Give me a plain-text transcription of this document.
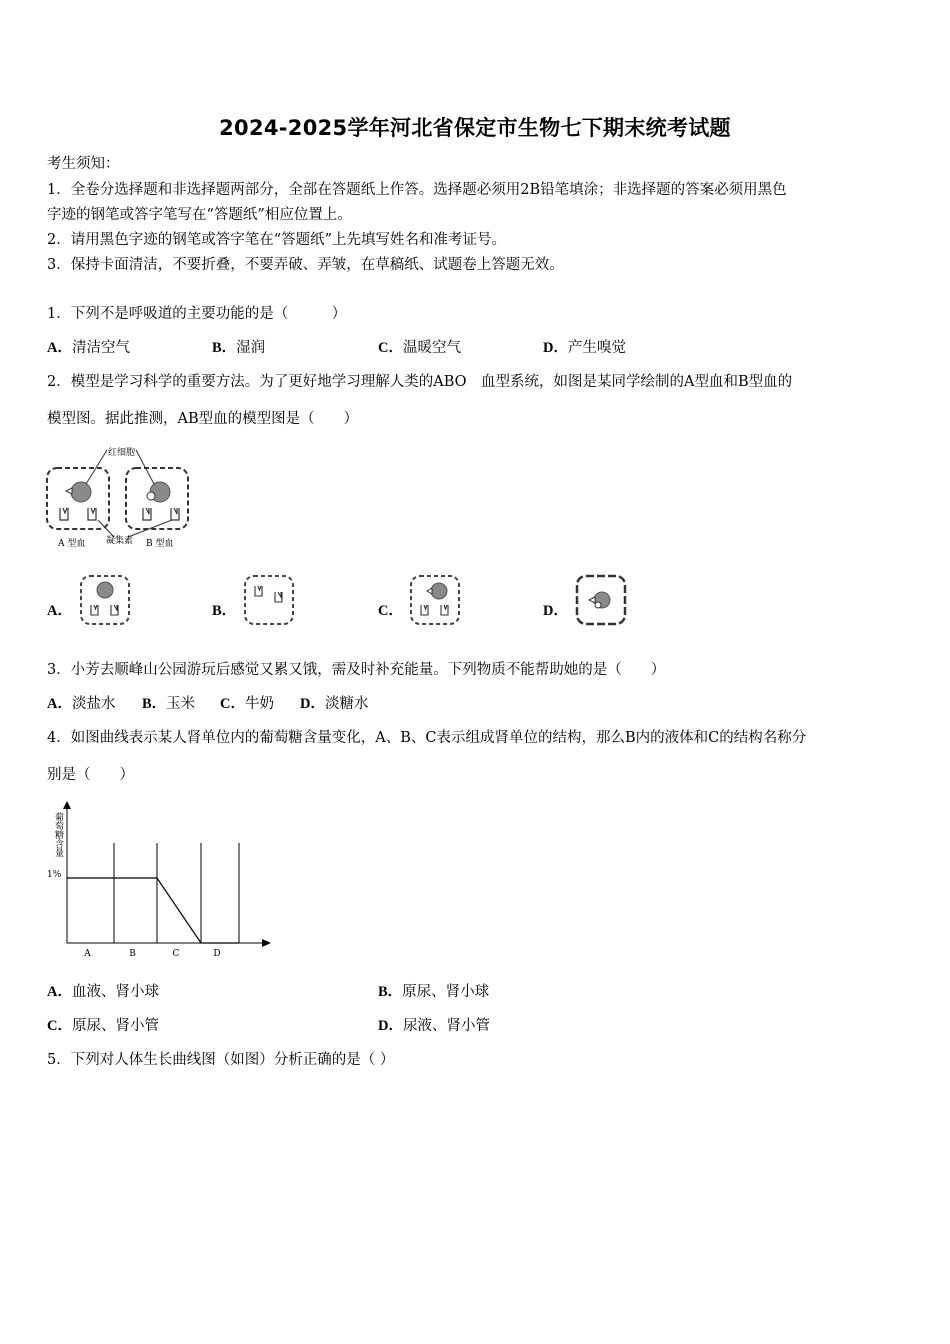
2024-2025学年河北省保定市生物七下期末统考试题
考生须知：
1．全卷分选择题和非选择题两部分，全部在答题纸上作答。选择题必须用2B铅笔填涂；非选择题的答案必须用黑色
字迹的钢笔或答字笔写在“答题纸”相应位置上。
2．请用黑色字迹的钢笔或答字笔在“答题纸”上先填写姓名和准考证号。
3．保持卡面清洁，不要折叠，不要弄破、弄皱，在草稿纸、试题卷上答题无效。
1．下列不是呼吸道的主要功能的是（　　　）
A．清洁空气	B．湿润	C．温暖空气	D．产生嗅觉
2．模型是学习科学的重要方法。为了更好地学习理解人类的ABO　血型系统，如图是某同学绘制的A型血和B型血的
模型图。据此推测，AB型血的模型图是（　　）
红细胞
凝集素
A 型血	B 型血
A．	B．	C．	D．
3．小芳去顺峰山公园游玩后感觉又累又饿，需及时补充能量。下列物质不能帮助她的是（　　）
A．淡盐水 B．玉米 C．牛奶 D．淡糖水
4．如图曲线表示某人肾单位内的葡萄糖含量变化，A、B、C表示组成肾单位的结构，那么B内的液体和C的结构名称分
别是（　　）
葡萄糖含量
1%
A	B	C	D
A．血液、肾小球	B．原尿、肾小球
C．原尿、肾小管	D．尿液、肾小管
5．下列对人体生长曲线图（如图）分析正确的是（ ）
